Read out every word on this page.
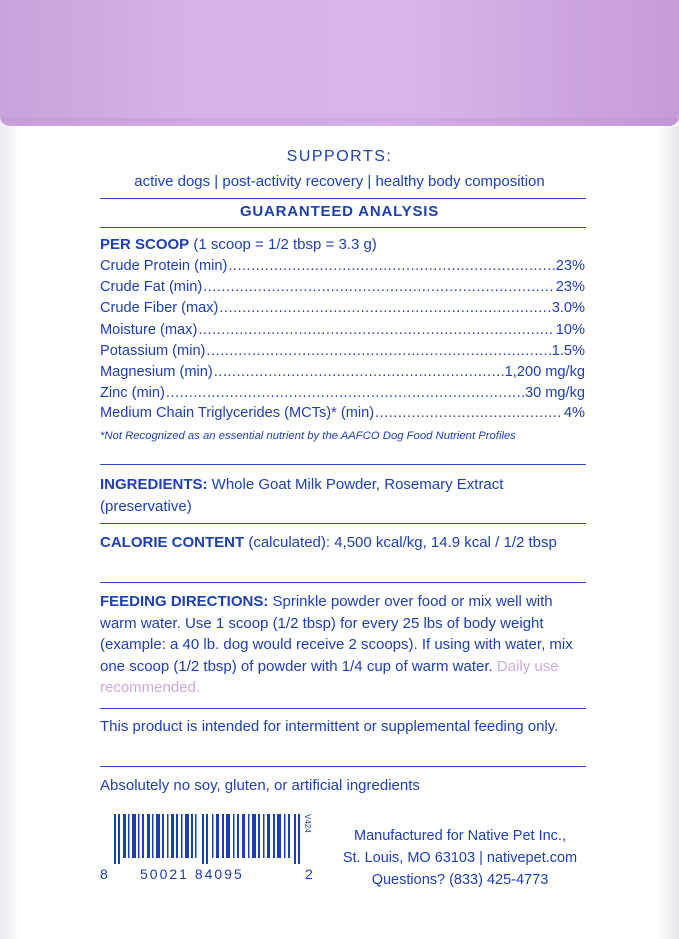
SUPPORTS:
active dogs | post-activity recovery | healthy body composition
GUARANTEED ANALYSIS
PER SCOOP (1 scoop = 1/2 tbsp = 3.3 g)
Crude Protein (min) .....	23%
Crude Fat (min) .....	23%
Crude Fiber (max) .....	3.0%
Moisture (max) .....	10%
Potassium (min) .....	1.5%
Magnesium (min) .....	1,200 mg/kg
Zinc (min) .....	30 mg/kg
Medium Chain Triglycerides (MCTs)* (min) .....	4%
*Not Recognized as an essential nutrient by the AAFCO Dog Food Nutrient Profiles
INGREDIENTS: Whole Goat Milk Powder, Rosemary Extract (preservative)
CALORIE CONTENT (calculated): 4,500 kcal/kg, 14.9 kcal / 1/2 tbsp
FEEDING DIRECTIONS: Sprinkle powder over food or mix well with warm water. Use 1 scoop (1/2 tbsp) for every 25 lbs of body weight (example: a 40 lb. dog would receive 2 scoops). If using with water, mix one scoop (1/2 tbsp) of powder with 1/4 cup of warm water. Daily use recommended.
This product is intended for intermittent or supplemental feeding only.
Absolutely no soy, gluten, or artificial ingredients
8 50021 84095	2
V424
Manufactured for Native Pet Inc.,
St. Louis, MO 63103 | nativepet.com
Questions? (833) 425-4773
